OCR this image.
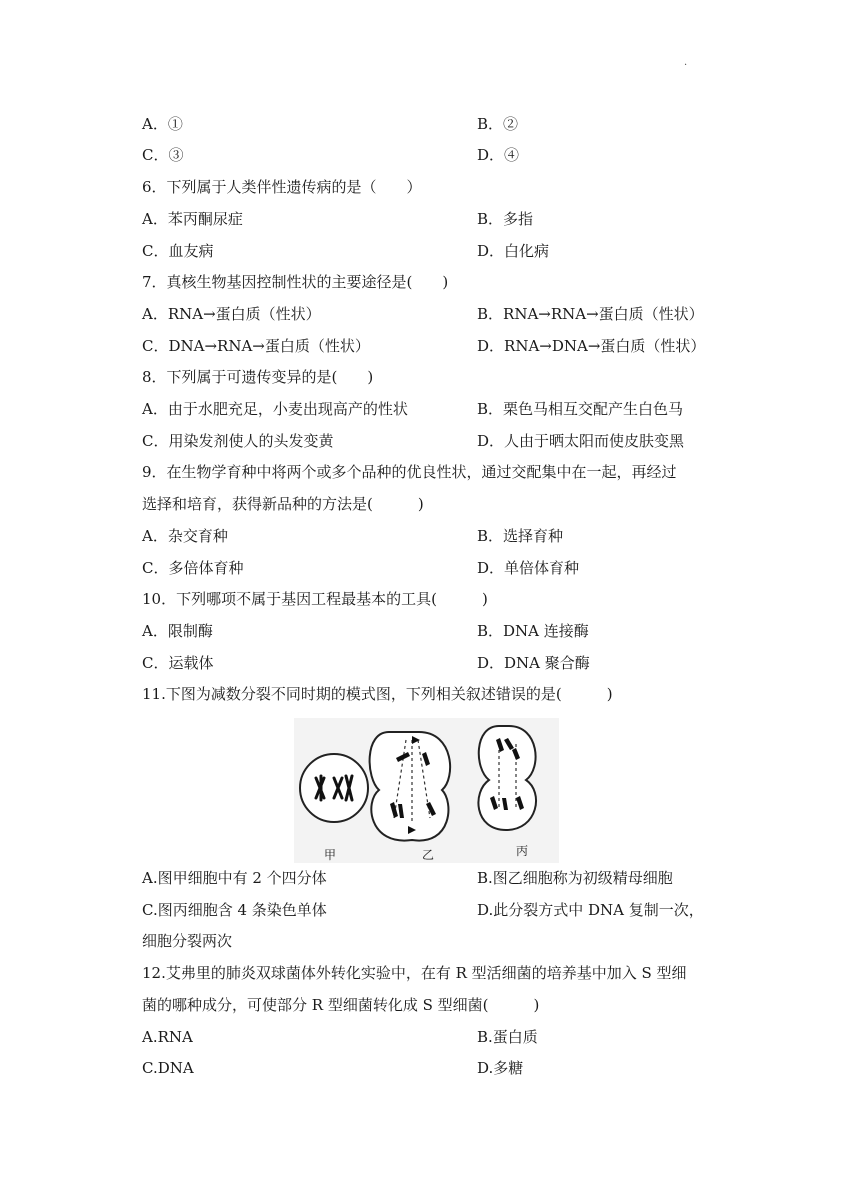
·
A．①	B．②
C．③	D．④
6．下列属于人类伴性遗传病的是（　　）
A．苯丙酮尿症	B．多指
C．血友病	D．白化病
7．真核生物基因控制性状的主要途径是(　　)
A．RNA→蛋白质（性状）	B．RNA→RNA→蛋白质（性状）
C．DNA→RNA→蛋白质（性状）	D．RNA→DNA→蛋白质（性状）
8．下列属于可遗传变异的是(　　)
A．由于水肥充足，小麦出现高产的性状	B．栗色马相互交配产生白色马
C．用染发剂使人的头发变黄	D．人由于晒太阳而使皮肤变黑
9．在生物学育种中将两个或多个品种的优良性状，通过交配集中在一起，再经过
选择和培育，获得新品种的方法是(　　　)
A．杂交育种	B．选择育种
C．多倍体育种	D．单倍体育种
10．下列哪项不属于基因工程最基本的工具(　　　)
A．限制酶	B．DNA 连接酶
C．运载体	D．DNA 聚合酶
11.下图为减数分裂不同时期的模式图，下列相关叙述错误的是(　　　)
A.图甲细胞中有 2 个四分体	B.图乙细胞称为初级精母细胞
C.图丙细胞含 4 条染色单体	D.此分裂方式中 DNA 复制一次，
细胞分裂两次
12.艾弗里的肺炎双球菌体外转化实验中，在有 R 型活细菌的培养基中加入 S 型细
菌的哪种成分，可使部分 R 型细菌转化成 S 型细菌(　　　)
A.RNA	B.蛋白质
C.DNA	D.多糖
甲	乙	丙
